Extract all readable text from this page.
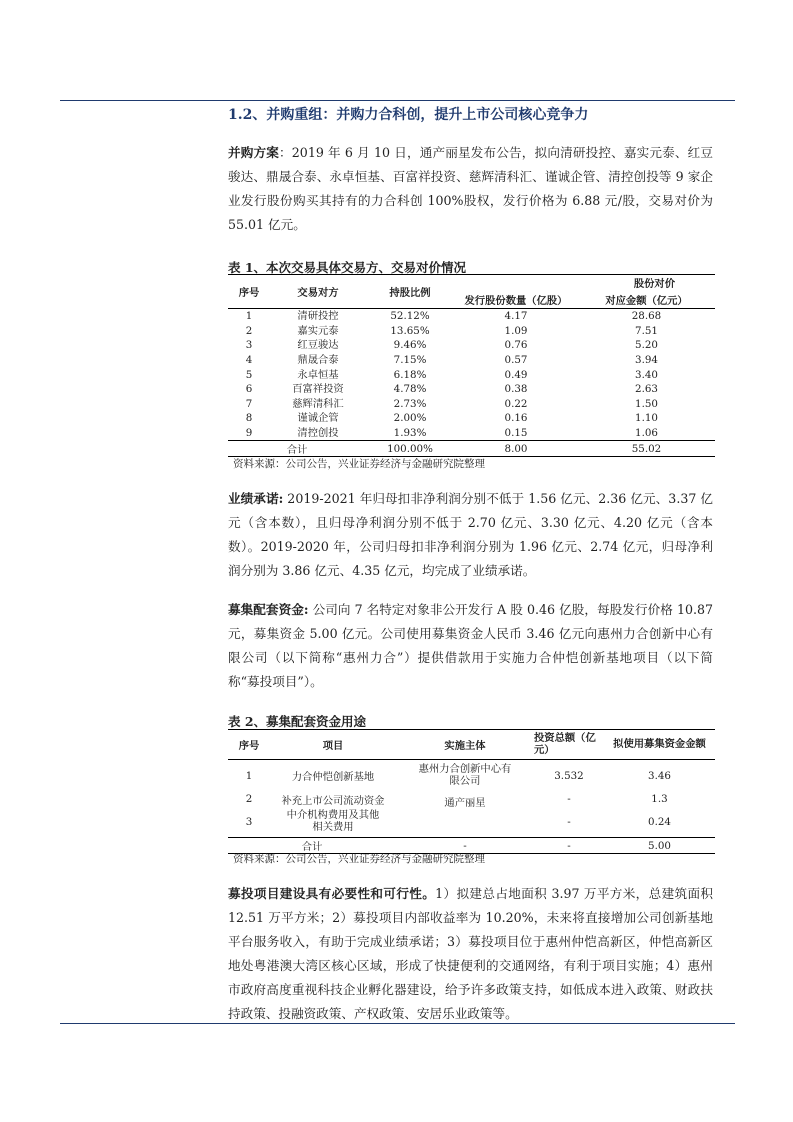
1.2、并购重组：并购力合科创，提升上市公司核心竞争力
并购方案：2019 年 6 月 10 日，通产丽星发布公告，拟向清研投控、嘉实元泰、红豆骏达、鼎晟合泰、永卓恒基、百富祥投资、慈辉清科汇、谨诚企管、清控创投等 9 家企业发行股份购买其持有的力合科创 100%股权，发行价格为 6.88 元/股，交易对价为 55.01 亿元。
表 1、本次交易具体交易方、交易对价情况
序号	交易对方	持股比例	股份对价	
			发行股份数量（亿股）	对应金额（亿元）
1	清研投控	52.12%	4.17	28.68
2	嘉实元泰	13.65%	1.09	7.51
3	红豆骏达	9.46%	0.76	5.20
4	鼎晟合泰	7.15%	0.57	3.94
5	永卓恒基	6.18%	0.49	3.40
6	百富祥投资	4.78%	0.38	2.63
7	慈辉清科汇	2.73%	0.22	1.50
8	谨诚企管	2.00%	0.16	1.10
9	清控创投	1.93%	0.15	1.06
合计		100.00%	8.00	55.02
资料来源：公司公告，兴业证券经济与金融研究院整理
业绩承诺: 2019-2021 年归母扣非净利润分别不低于 1.56 亿元、2.36 亿元、3.37 亿元（含本数），且归母净利润分别不低于 2.70 亿元、3.30 亿元、4.20 亿元（含本数）。2019-2020 年，公司归母扣非净利润分别为 1.96 亿元、2.74 亿元，归母净利润分别为 3.86 亿元、4.35 亿元，均完成了业绩承诺。
募集配套资金: 公司向 7 名特定对象非公开发行 A 股 0.46 亿股，每股发行价格 10.87 元，募集资金 5.00 亿元。公司使用募集资金人民币 3.46 亿元向惠州力合创新中心有限公司（以下简称“惠州力合”）提供借款用于实施力合仲恺创新基地项目（以下简称“募投项目”）。
表 2、募集配套资金用途
序号	项目	实施主体	投资总额（亿元）	拟使用募集资金金额
1	力合仲恺创新基地	惠州力合创新中心有限公司	3.532	3.46
2	补充上市公司流动资金	通产丽星	-	1.3
3	中介机构费用及其他相关费用		-	0.24
合计		-	-	5.00
资料来源：公司公告，兴业证券经济与金融研究院整理
募投项目建设具有必要性和可行性。1）拟建总占地面积 3.97 万平方米，总建筑面积 12.51 万平方米；2）募投项目内部收益率为 10.20%，未来将直接增加公司创新基地平台服务收入，有助于完成业绩承诺；3）募投项目位于惠州仲恺高新区，仲恺高新区地处粤港澳大湾区核心区域，形成了快捷便利的交通网络，有利于项目实施；4）惠州市政府高度重视科技企业孵化器建设，给予许多政策支持，如低成本进入政策、财政扶持政策、投融资政策、产权政策、安居乐业政策等。
